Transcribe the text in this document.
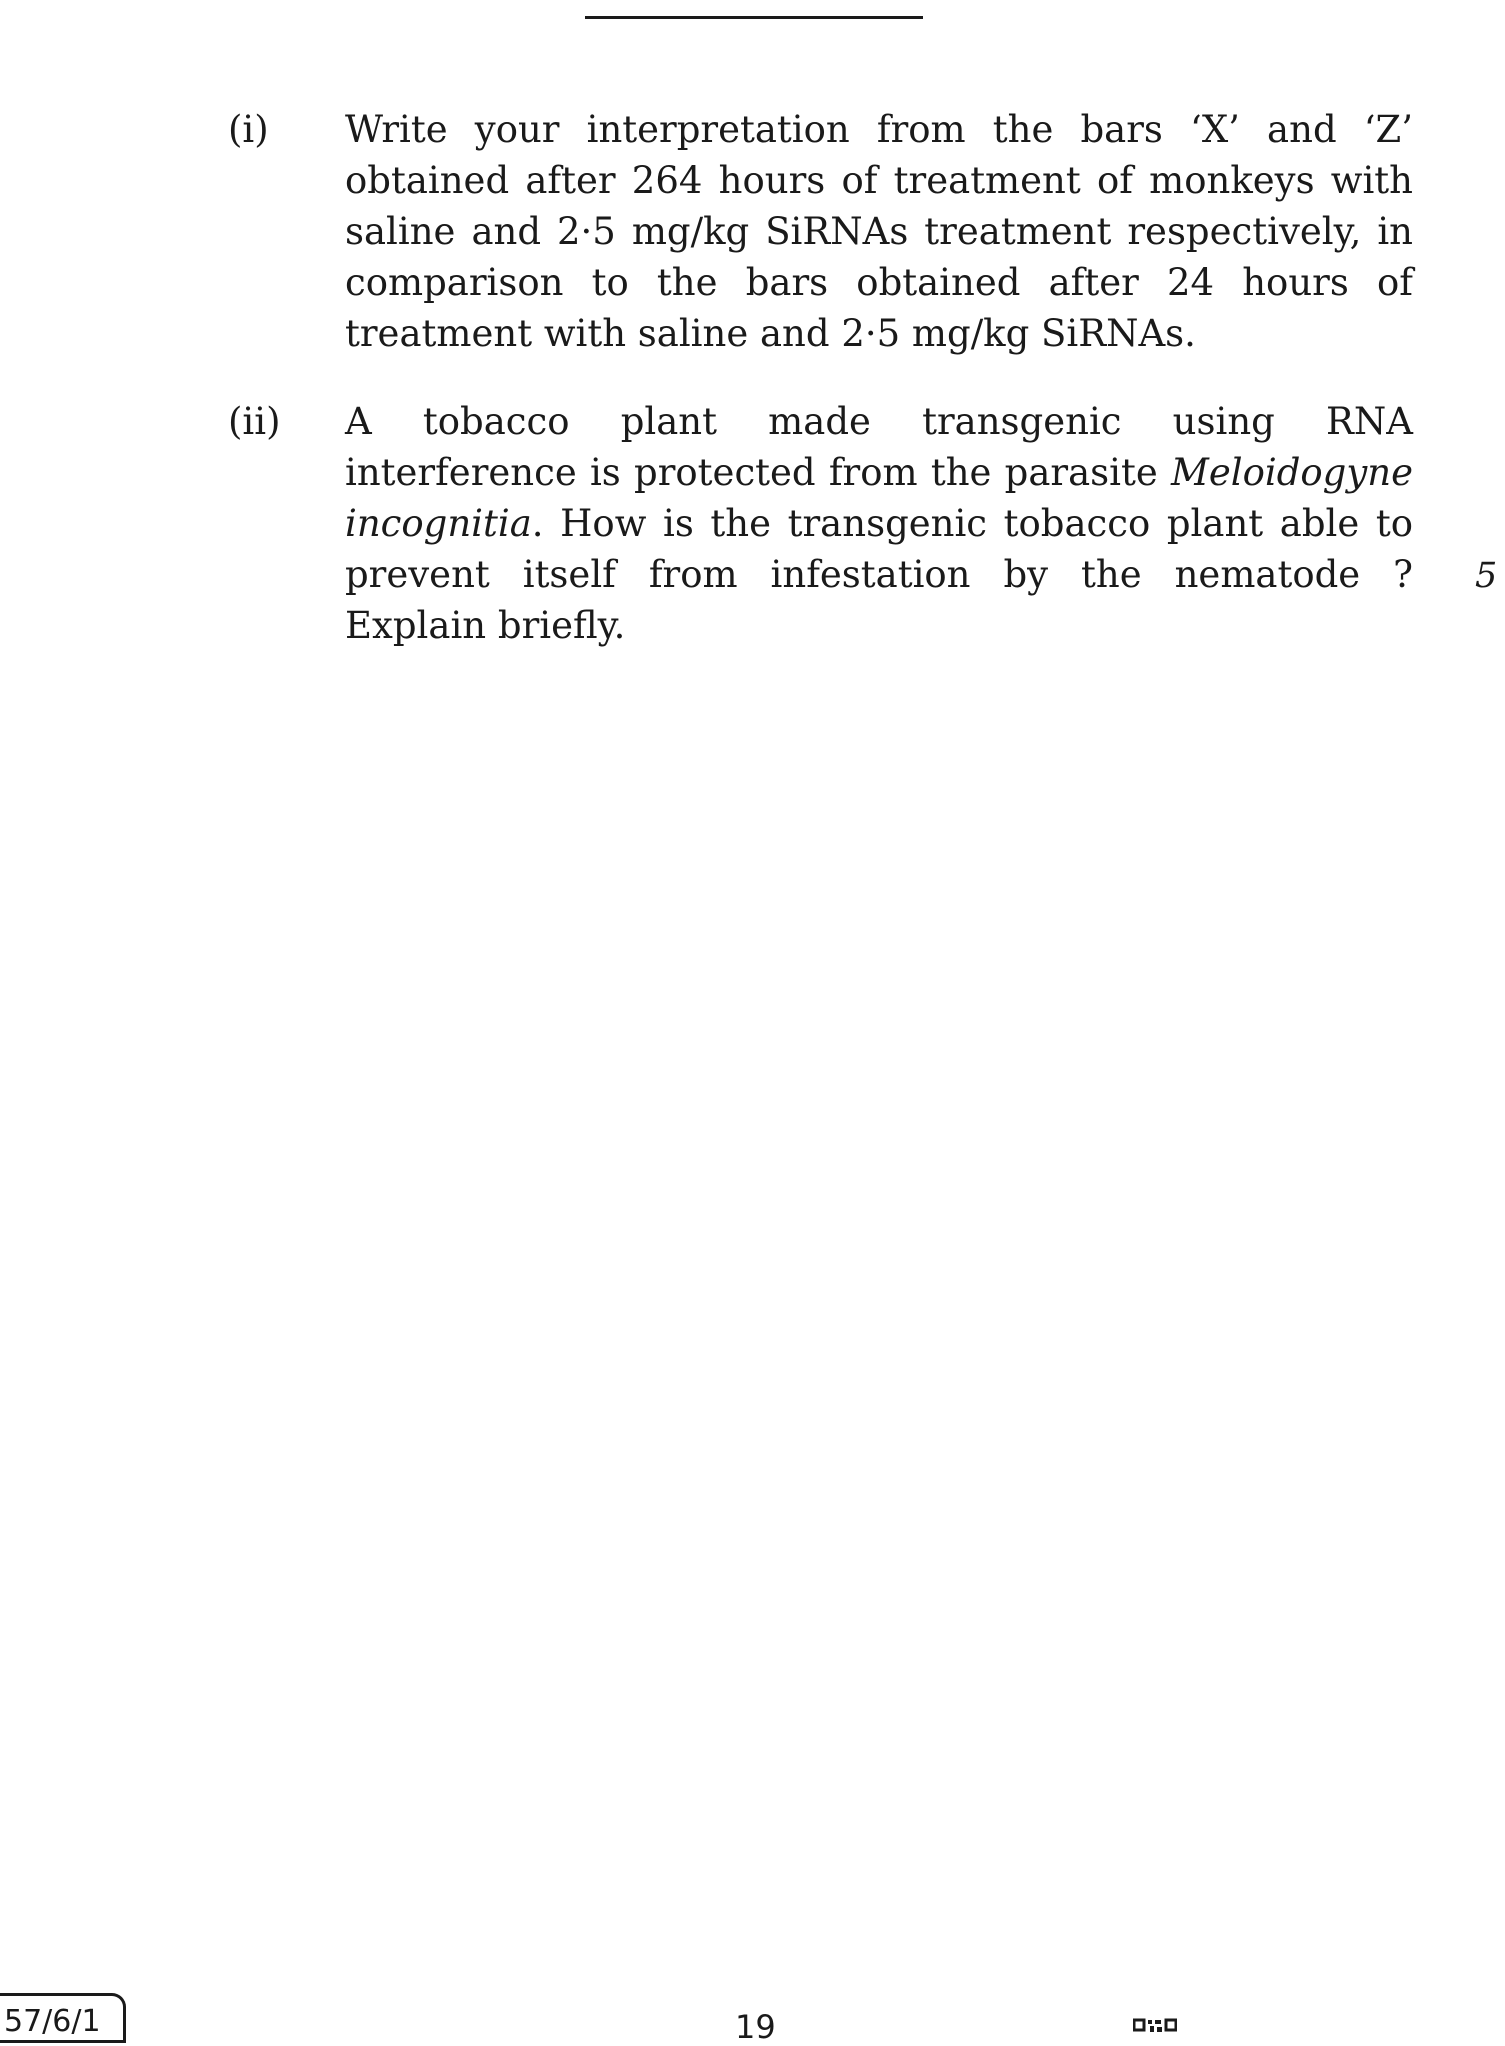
(i)	Write your interpretation from the bars ‘X’ and ‘Z’ obtained after 264 hours of treatment of monkeys with saline and 2·5 mg/kg SiRNAs treatment respectively, in comparison to the bars obtained after 24 hours of treatment with saline and 2·5 mg/kg SiRNAs.
(ii)	A tobacco plant made transgenic using RNA interference is protected from the parasite Meloidogyne incognitia. How is the transgenic tobacco plant able to prevent itself from infestation by the nematode ? Explain briefly.
5
57/6/1	19
